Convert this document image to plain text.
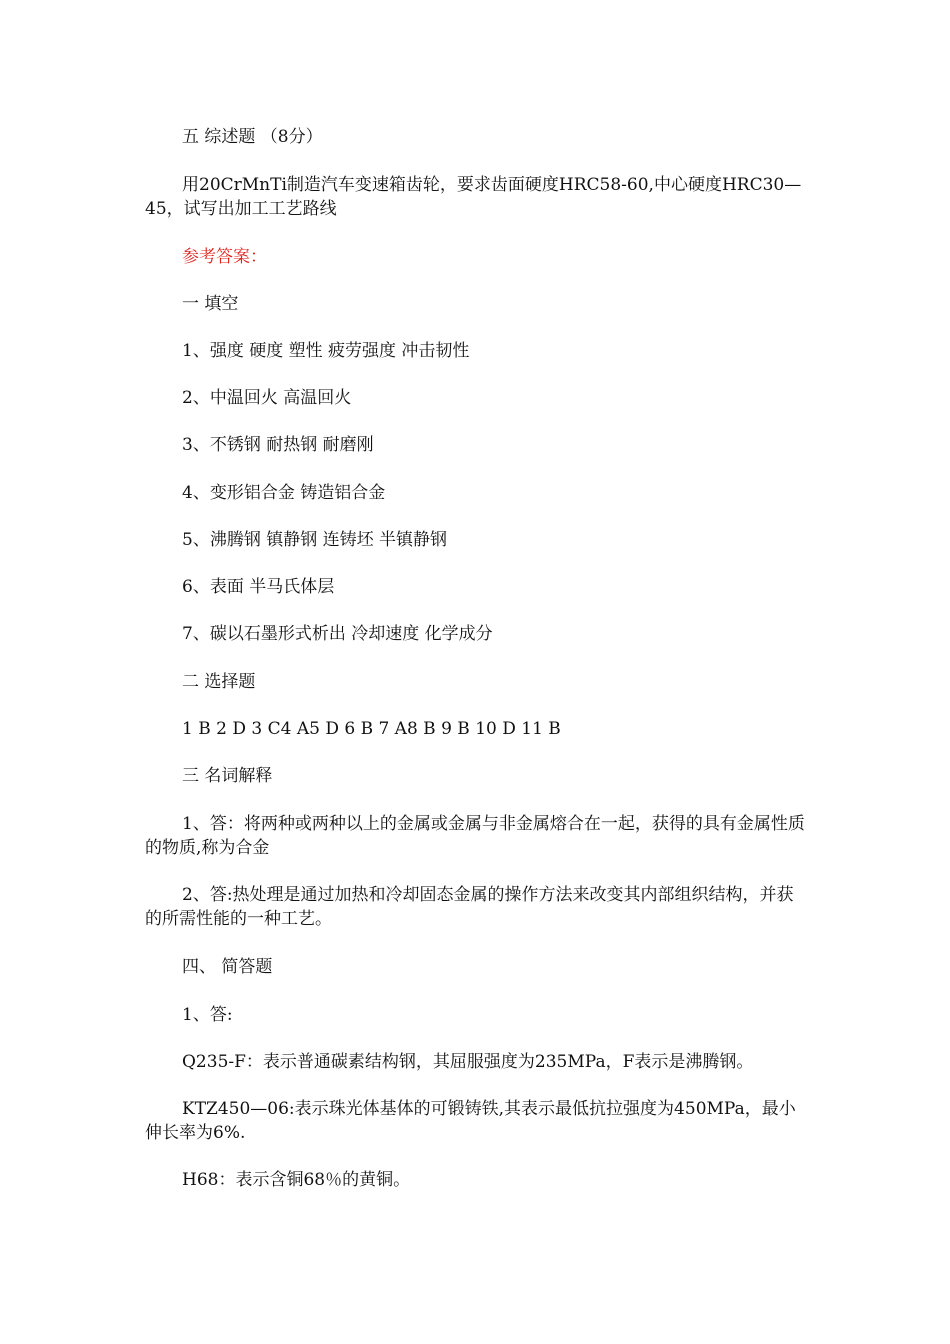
五 综述题 （8分）

用20CrMnTi制造汽车变速箱齿轮，要求齿面硬度HRC58-60,中心硬度HRC30—45，试写出加工工艺路线

参考答案：

一 填空

1、强度 硬度 塑性 疲劳强度 冲击韧性

2、中温回火 高温回火

3、不锈钢 耐热钢 耐磨刚

4、变形铝合金 铸造铝合金

5、沸腾钢 镇静钢 连铸坯 半镇静钢

6、表面 半马氏体层

7、碳以石墨形式析出 冷却速度 化学成分

二 选择题

1 B 2 D 3 C4 A5 D 6 B 7 A8 B 9 B 10 D 11 B

三 名词解释

1、答：将两种或两种以上的金属或金属与非金属熔合在一起，获得的具有金属性质的物质,称为合金

2、答:热处理是通过加热和冷却固态金属的操作方法来改变其内部组织结构，并获的所需性能的一种工艺。

四、 简答题

1、答:

Q235-F：表示普通碳素结构钢，其屈服强度为235MPa，F表示是沸腾钢。

KTZ450—06:表示珠光体基体的可锻铸铁,其表示最低抗拉强度为450MPa，最小伸长率为6%.

H68：表示含铜68％的黄铜。
